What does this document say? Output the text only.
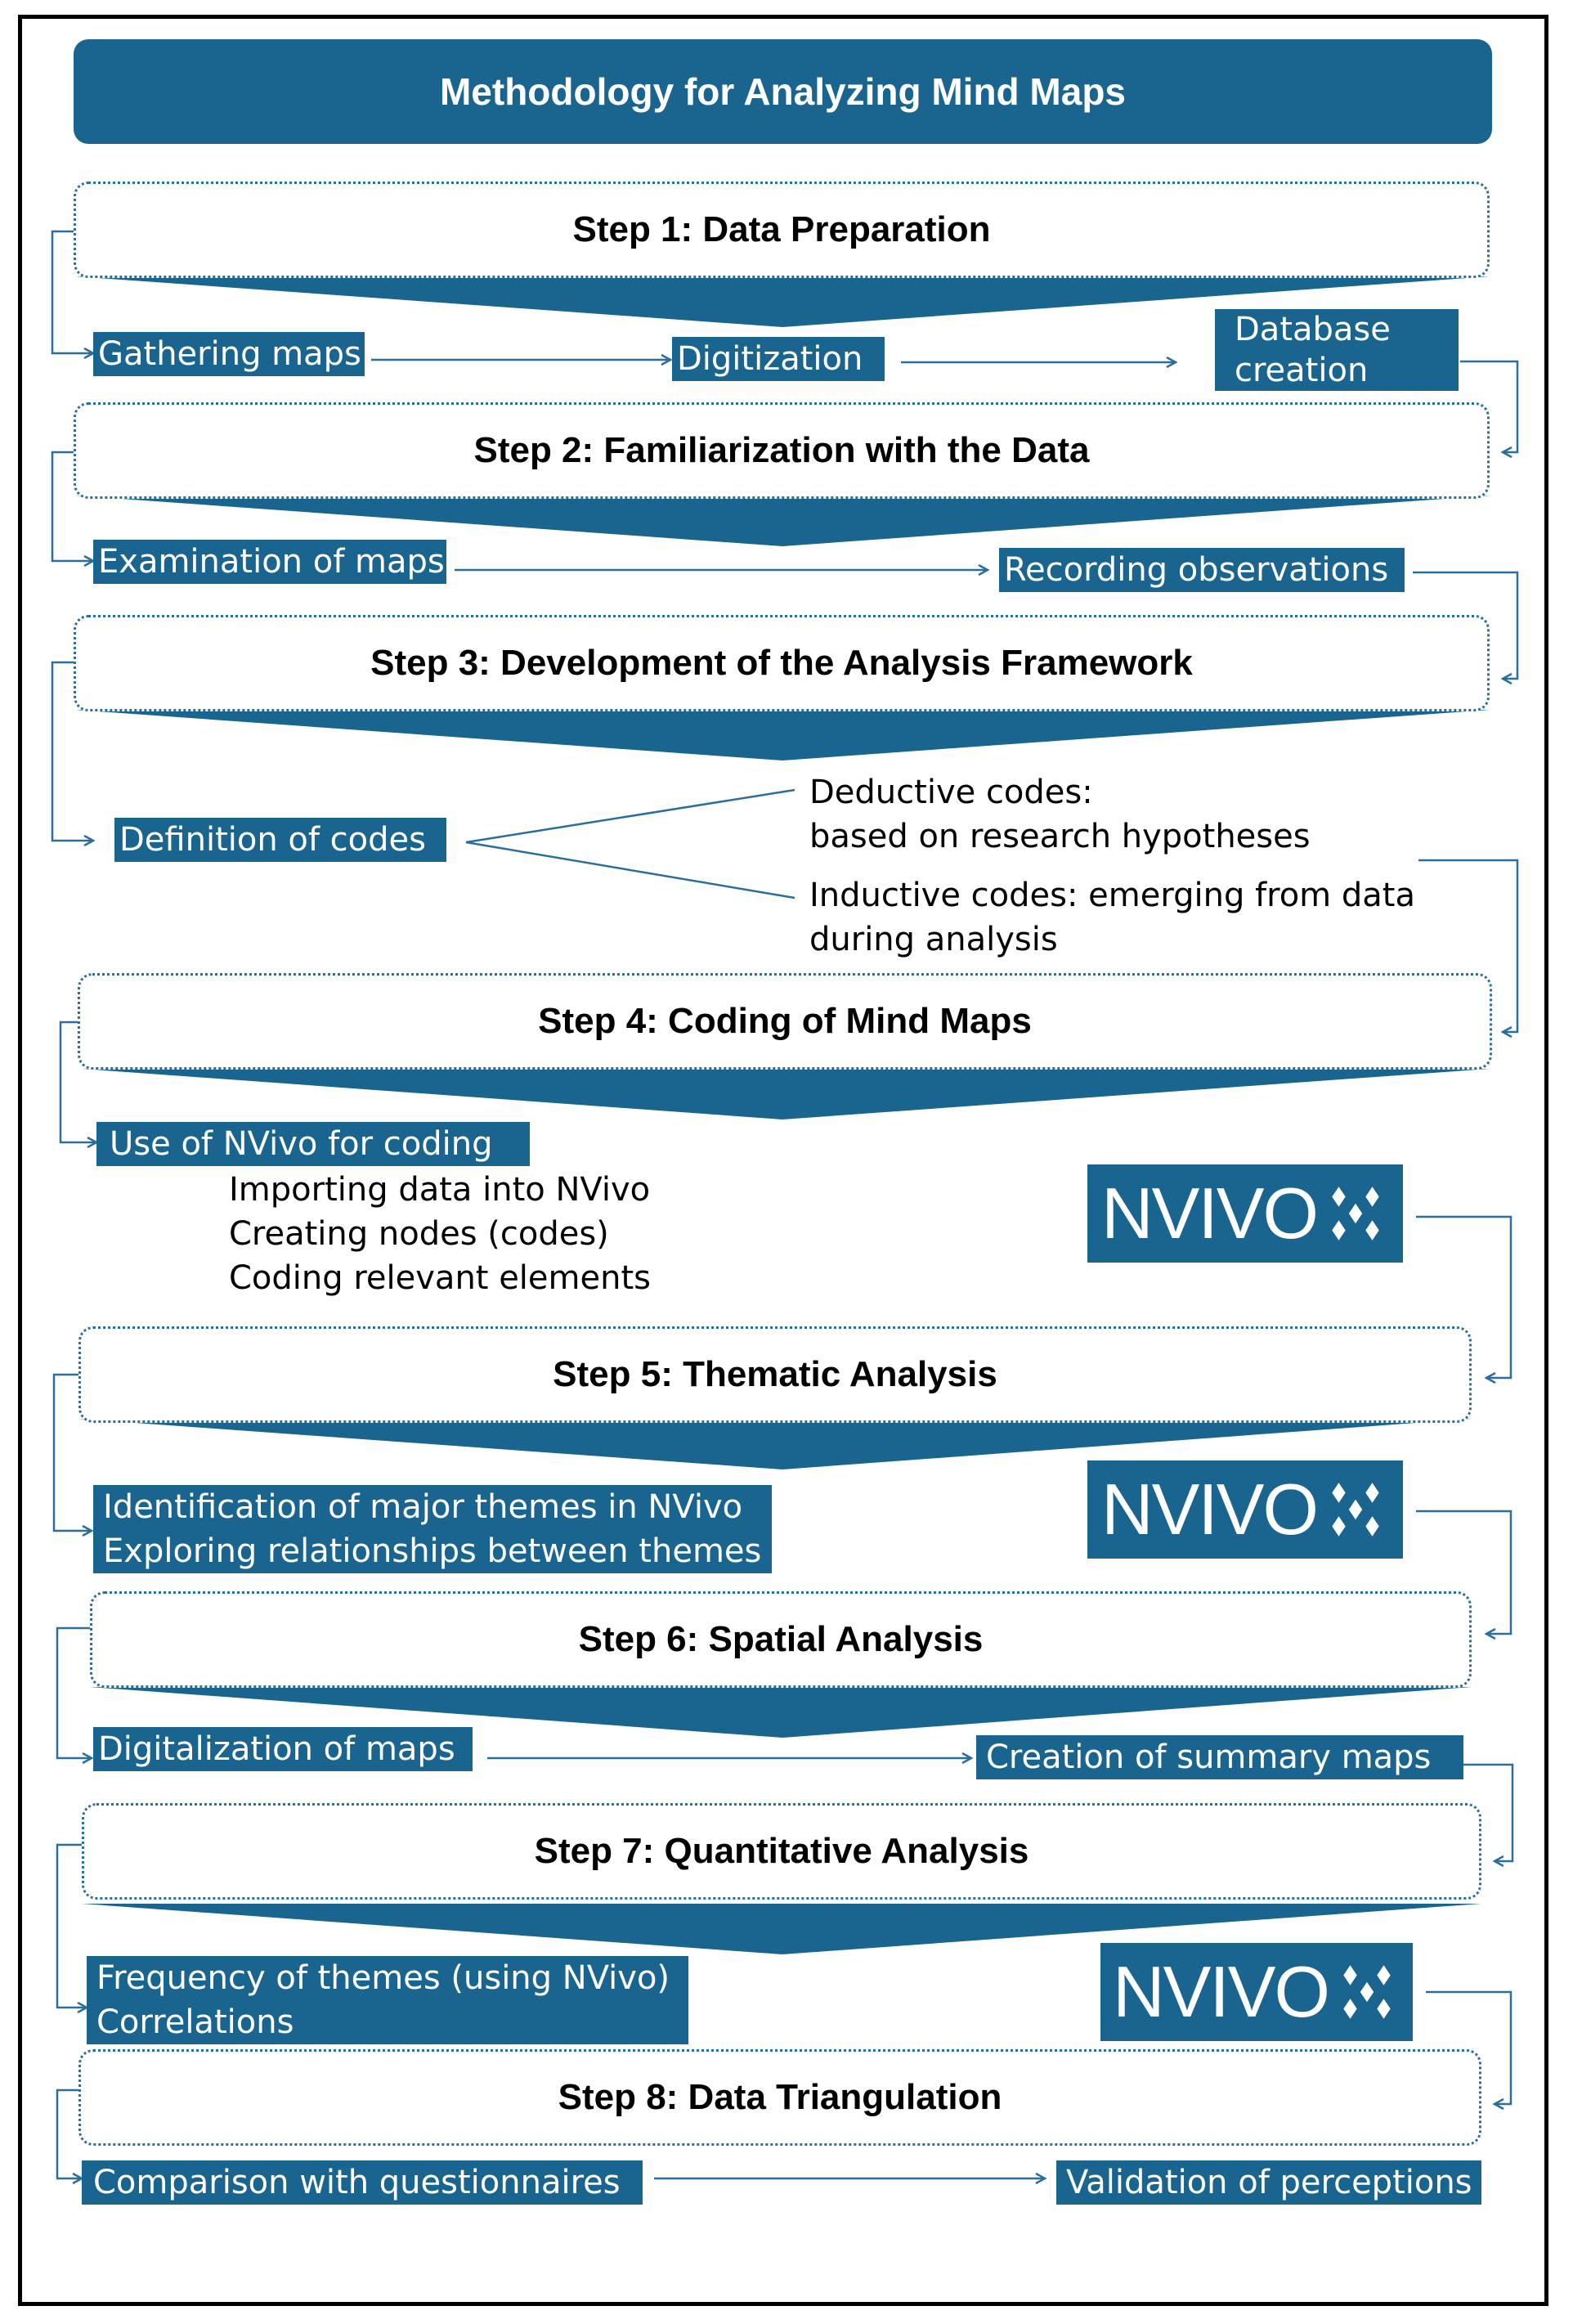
Methodology for Analyzing Mind Maps
Step 1: Data Preparation
Step 2: Familiarization with the Data
Step 3: Development of the Analysis Framework
Step 4: Coding of Mind Maps
Step 5: Thematic Analysis
Step 6: Spatial Analysis
Step 7: Quantitative Analysis
Step 8: Data Triangulation
Gathering maps	Digitization
Database
creation
Examination of maps	Recording observations
Definition of codes
Deductive codes:
based on research hypotheses
Inductive codes: emerging from data
during analysis
Use of NVivo for coding
Importing data into NVivo
Creating nodes (codes)
Coding relevant elements
Identification of major themes in NVivo
Exploring relationships between themes
Digitalization of maps	Creation of summary maps
Frequency of themes (using NVivo)
Correlations
Comparison with questionnaires	Validation of perceptions
NVIVO
NVIVO
NVIVO
